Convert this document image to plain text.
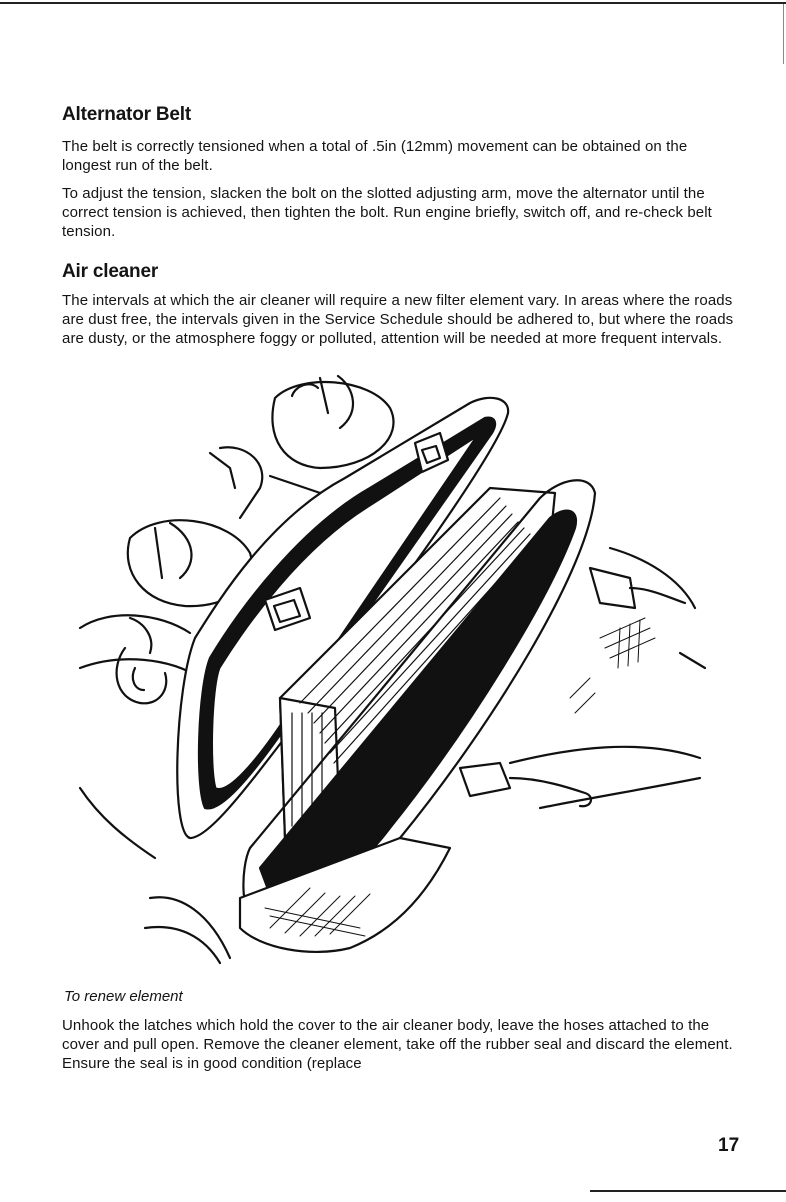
Alternator Belt

The belt is correctly tensioned when a total of .5in (12mm) movement can be obtained on the longest run of the belt.

To adjust the tension, slacken the bolt on the slotted adjusting arm, move the alternator until the correct tension is achieved, then tighten the bolt. Run engine briefly, switch off, and re-check belt tension.

Air cleaner

The intervals at which the air cleaner will require a new filter element vary. In areas where the roads are dust free, the intervals given in the Service Schedule should be adhered to, but where the roads are dusty, or the atmosphere foggy or polluted, attention will be needed at more frequent intervals.

To renew element

Unhook the latches which hold the cover to the air cleaner body, leave the hoses attached to the cover and pull open. Remove the cleaner element, take off the rubber seal and discard the element. Ensure the seal is in good condition (replace

17
